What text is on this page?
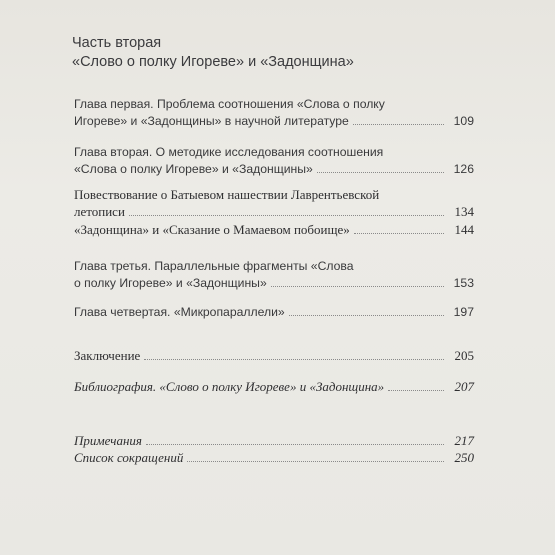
Часть вторая
«Слово о полку Игореве» и «Задонщина»
Глава первая. Проблема соотношения «Слова о полку
Игореве» и «Задонщины» в научной литературе	109
Глава вторая. О методике исследования соотношения
«Слова о полку Игореве» и «Задонщины»	126
Повествование о Батыевом нашествии Лаврентьевской
летописи	134
«Задонщина» и «Сказание о Мамаевом побоище»	144
Глава третья. Параллельные фрагменты «Слова
о полку Игореве» и «Задонщины»	153
Глава четвертая. «Микропараллели»	197
Заключение	205
Библиография. «Слово о полку Игореве» и «Задонщина»	207
Примечания	217
Список сокращений	250
